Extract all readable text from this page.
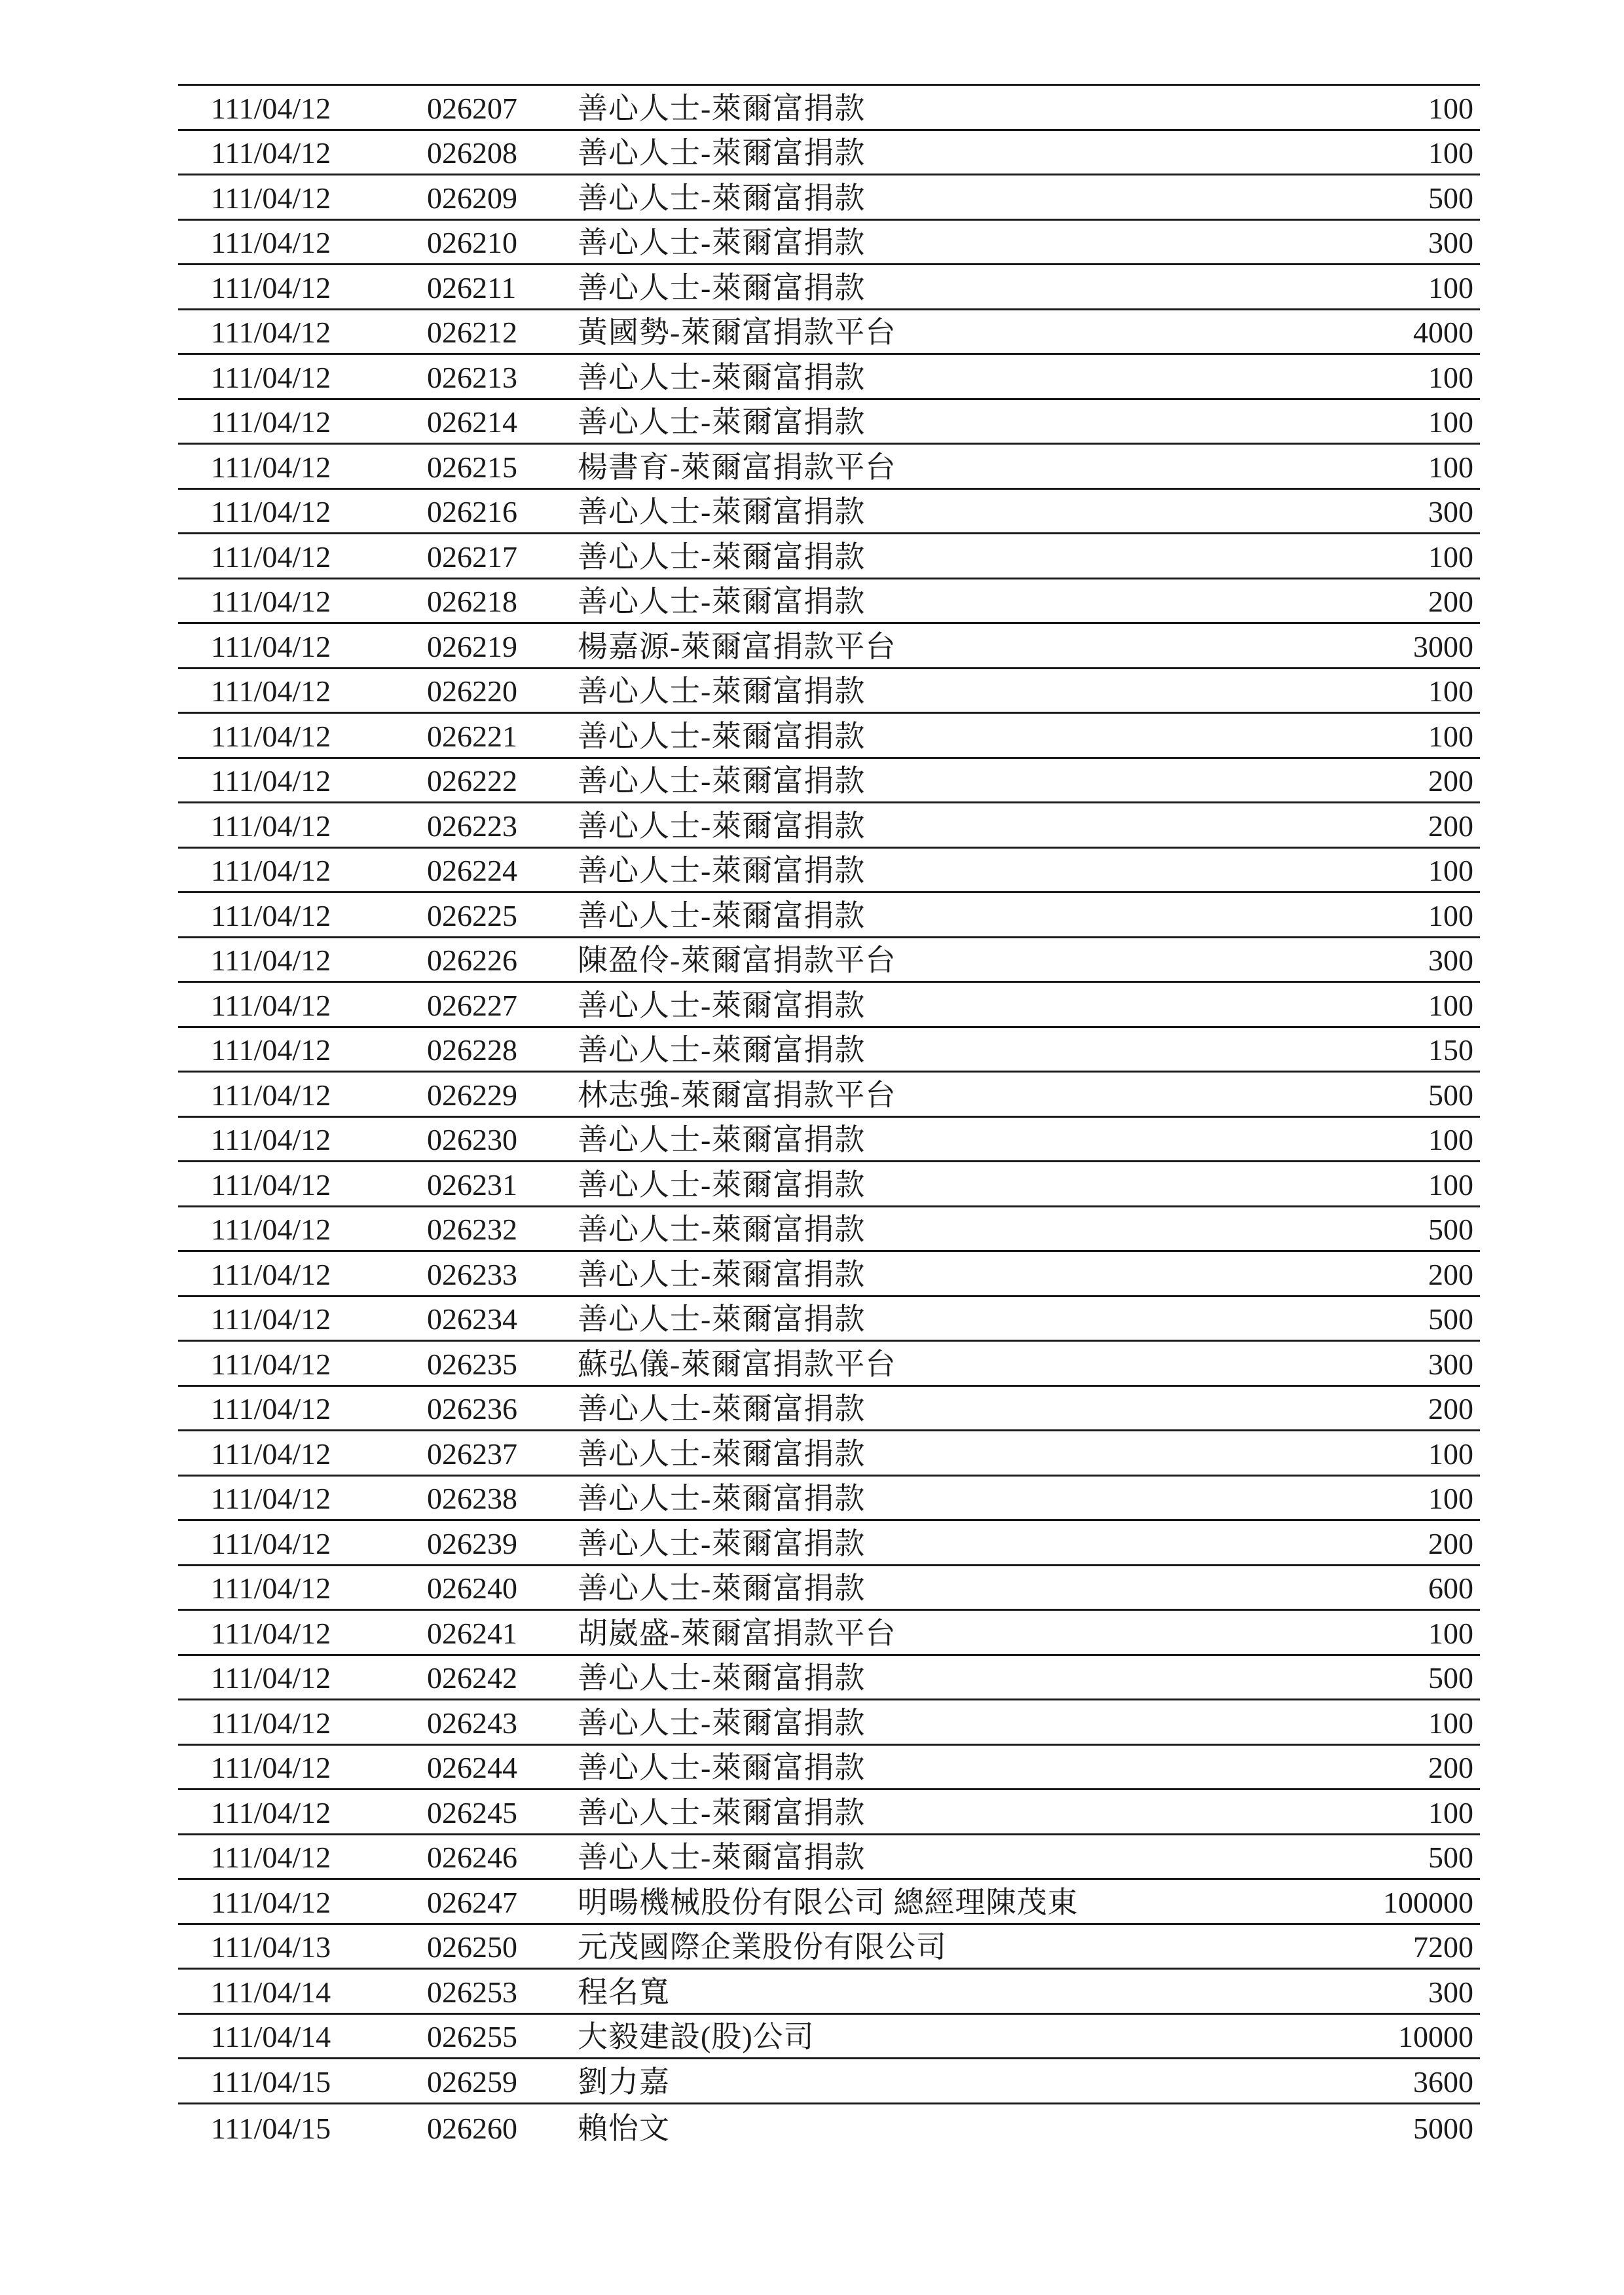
111/04/12	026207 善心人士-萊爾富捐款	100
111/04/12	026208 善心人士-萊爾富捐款	100
111/04/12	026209 善心人士-萊爾富捐款	500
111/04/12	026210 善心人士-萊爾富捐款	300
111/04/12	026211 善心人士-萊爾富捐款	100
111/04/12	026212 黃國勢-萊爾富捐款平台	4000
111/04/12	026213 善心人士-萊爾富捐款	100
111/04/12	026214 善心人士-萊爾富捐款	100
111/04/12	026215 楊書育-萊爾富捐款平台	100
111/04/12	026216 善心人士-萊爾富捐款	300
111/04/12	026217 善心人士-萊爾富捐款	100
111/04/12	026218 善心人士-萊爾富捐款	200
111/04/12	026219 楊嘉源-萊爾富捐款平台	3000
111/04/12	026220 善心人士-萊爾富捐款	100
111/04/12	026221 善心人士-萊爾富捐款	100
111/04/12	026222 善心人士-萊爾富捐款	200
111/04/12	026223 善心人士-萊爾富捐款	200
111/04/12	026224 善心人士-萊爾富捐款	100
111/04/12	026225 善心人士-萊爾富捐款	100
111/04/12	026226 陳盈伶-萊爾富捐款平台	300
111/04/12	026227 善心人士-萊爾富捐款	100
111/04/12	026228 善心人士-萊爾富捐款	150
111/04/12	026229 林志強-萊爾富捐款平台	500
111/04/12	026230 善心人士-萊爾富捐款	100
111/04/12	026231 善心人士-萊爾富捐款	100
111/04/12	026232 善心人士-萊爾富捐款	500
111/04/12	026233 善心人士-萊爾富捐款	200
111/04/12	026234 善心人士-萊爾富捐款	500
111/04/12	026235 蘇弘儀-萊爾富捐款平台	300
111/04/12	026236 善心人士-萊爾富捐款	200
111/04/12	026237 善心人士-萊爾富捐款	100
111/04/12	026238 善心人士-萊爾富捐款	100
111/04/12	026239 善心人士-萊爾富捐款	200
111/04/12	026240 善心人士-萊爾富捐款	600
111/04/12	026241 胡崴盛-萊爾富捐款平台	100
111/04/12	026242 善心人士-萊爾富捐款	500
111/04/12	026243 善心人士-萊爾富捐款	100
111/04/12	026244 善心人士-萊爾富捐款	200
111/04/12	026245 善心人士-萊爾富捐款	100
111/04/12	026246 善心人士-萊爾富捐款	500
111/04/12	026247 明暘機械股份有限公司 總經理陳茂東	100000
111/04/13	026250 元茂國際企業股份有限公司	7200
111/04/14	026253 程名寬	300
111/04/14	026255 大毅建設(股)公司	10000
111/04/15	026259 劉力嘉	3600
111/04/15	026260 賴怡文	5000
